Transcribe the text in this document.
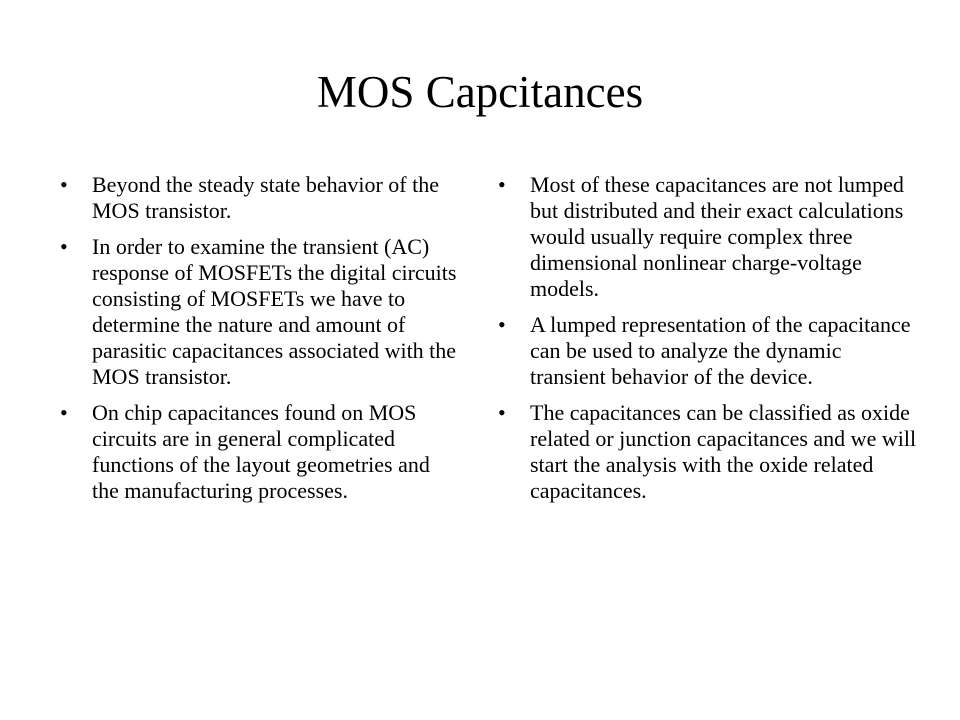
MOS Capcitances
•	Beyond the steady state behavior of the MOS transistor.
•	In order to examine the transient (AC) response of MOSFETs the digital circuits consisting of MOSFETs we have to determine the nature and amount of parasitic capacitances associated with the MOS transistor.
•	On chip capacitances found on MOS circuits are in general complicated functions of the layout geometries and the manufacturing processes.
•	Most of these capacitances are not lumped but distributed and their exact calculations would usually require complex three dimensional nonlinear charge-voltage models.
•	A lumped representation of the capacitance can be used to analyze the dynamic transient behavior of the device.
•	The capacitances can be classified as oxide related or junction capacitances and we will start the analysis with the oxide related capacitances.
